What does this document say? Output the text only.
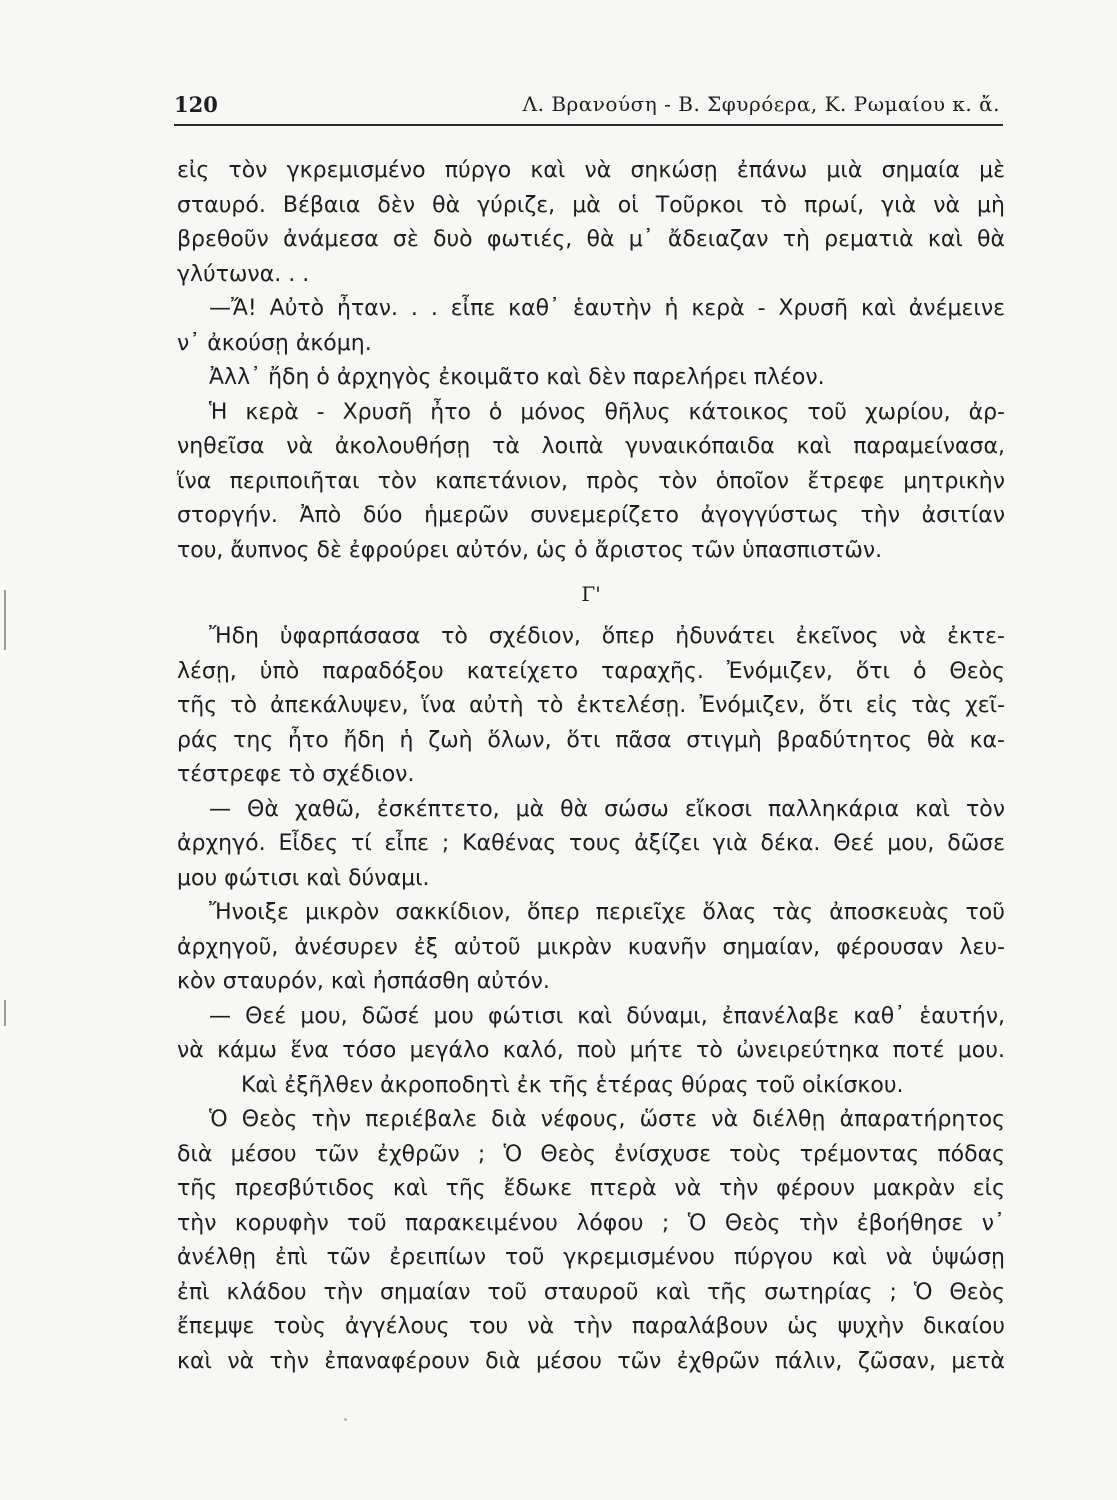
120	Λ. Βρανούση - Β. Σφυρόερα, Κ. Ρωμαίου κ. ἄ.
εἰς τὸν γκρεμισμένο πύργο καὶ νὰ σηκώσῃ ἐπάνω μιὰ σημαία μὲ
σταυρό. Βέβαια δὲν θὰ γύριζε, μὰ οἱ Τοῦρκοι τὸ πρωί, γιὰ νὰ μὴ
βρεθοῦν ἀνάμεσα σὲ δυὸ φωτιές, θὰ μ᾿ ἄδειαζαν τὴ ρεματιὰ καὶ θὰ
γλύτωνα. . .
—Ἄ! Αὐτὸ ἦταν. . . εἶπε καθ᾿ ἑαυτὴν ἡ κερὰ - Χρυσῆ καὶ ἀνέμεινε
ν᾿ ἀκούσῃ ἀκόμη.
Ἀλλ᾿ ἤδη ὁ ἀρχηγὸς ἐκοιμᾶτο καὶ δὲν παρελήρει πλέον.
Ἡ κερὰ - Χρυσῆ ἦτο ὁ μόνος θῆλυς κάτοικος τοῦ χωρίου, ἀρ-
νηθεῖσα νὰ ἀκολουθήσῃ τὰ λοιπὰ γυναικόπαιδα καὶ παραμείνασα,
ἵνα περιποιῆται τὸν καπετάνιον, πρὸς τὸν ὁποῖον ἔτρεφε μητρικὴν
στοργήν. Ἀπὸ δύο ἡμερῶν συνεμερίζετο ἀγογγύστως τὴν ἀσιτίαν
του, ἄυπνος δὲ ἐφρούρει αὐτόν, ὡς ὁ ἄριστος τῶν ὑπασπιστῶν.
Γ'
Ἤδη ὑφαρπάσασα τὸ σχέδιον, ὅπερ ἠδυνάτει ἐκεῖνος νὰ ἐκτε-
λέσῃ, ὑπὸ παραδόξου κατείχετο ταραχῆς. Ἐνόμιζεν, ὅτι ὁ Θεὸς
τῆς τὸ ἀπεκάλυψεν, ἵνα αὐτὴ τὸ ἐκτελέσῃ. Ἐνόμιζεν, ὅτι εἰς τὰς χεῖ-
ράς της ἦτο ἤδη ἡ ζωὴ ὅλων, ὅτι πᾶσα στιγμὴ βραδύτητος θὰ κα-
τέστρεφε τὸ σχέδιον.
— Θὰ χαθῶ, ἐσκέπτετο, μὰ θὰ σώσω εἴκοσι παλληκάρια καὶ τὸν
ἀρχηγό. Εἶδες τί εἶπε ; Καθένας τους ἀξίζει γιὰ δέκα. Θεέ μου, δῶσε
μου φώτισι καὶ δύναμι.
Ἤνοιξε μικρὸν σακκίδιον, ὅπερ περιεῖχε ὅλας τὰς ἀποσκευὰς τοῦ
ἀρχηγοῦ, ἀνέσυρεν ἐξ αὐτοῦ μικρὰν κυανῆν σημαίαν, φέρουσαν λευ-
κὸν σταυρόν, καὶ ἠσπάσθη αὐτόν.
— Θεέ μου, δῶσέ μου φώτισι καὶ δύναμι, ἐπανέλαβε καθ᾿ ἑαυτήν,
νὰ κάμω ἕνα τόσο μεγάλο καλό, ποὺ μήτε τὸ ὠνειρεύτηκα ποτέ μου.
Καὶ ἐξῆλθεν ἀκροποδητὶ ἐκ τῆς ἑτέρας θύρας τοῦ οἰκίσκου.
Ὁ Θεὸς τὴν περιέβαλε διὰ νέφους, ὥστε νὰ διέλθῃ ἀπαρατήρητος
διὰ μέσου τῶν ἐχθρῶν ; Ὁ Θεὸς ἐνίσχυσε τοὺς τρέμοντας πόδας
τῆς πρεσβύτιδος καὶ τῆς ἔδωκε πτερὰ νὰ τὴν φέρουν μακρὰν εἰς
τὴν κορυφὴν τοῦ παρακειμένου λόφου ; Ὁ Θεὸς τὴν ἐβοήθησε ν᾿
ἀνέλθῃ ἐπὶ τῶν ἐρειπίων τοῦ γκρεμισμένου πύργου καὶ νὰ ὑψώσῃ
ἐπὶ κλάδου τὴν σημαίαν τοῦ σταυροῦ καὶ τῆς σωτηρίας ; Ὁ Θεὸς
ἔπεμψε τοὺς ἀγγέλους του νὰ τὴν παραλάβουν ὡς ψυχὴν δικαίου
καὶ νὰ τὴν ἐπαναφέρουν διὰ μέσου τῶν ἐχθρῶν πάλιν, ζῶσαν, μετὰ
